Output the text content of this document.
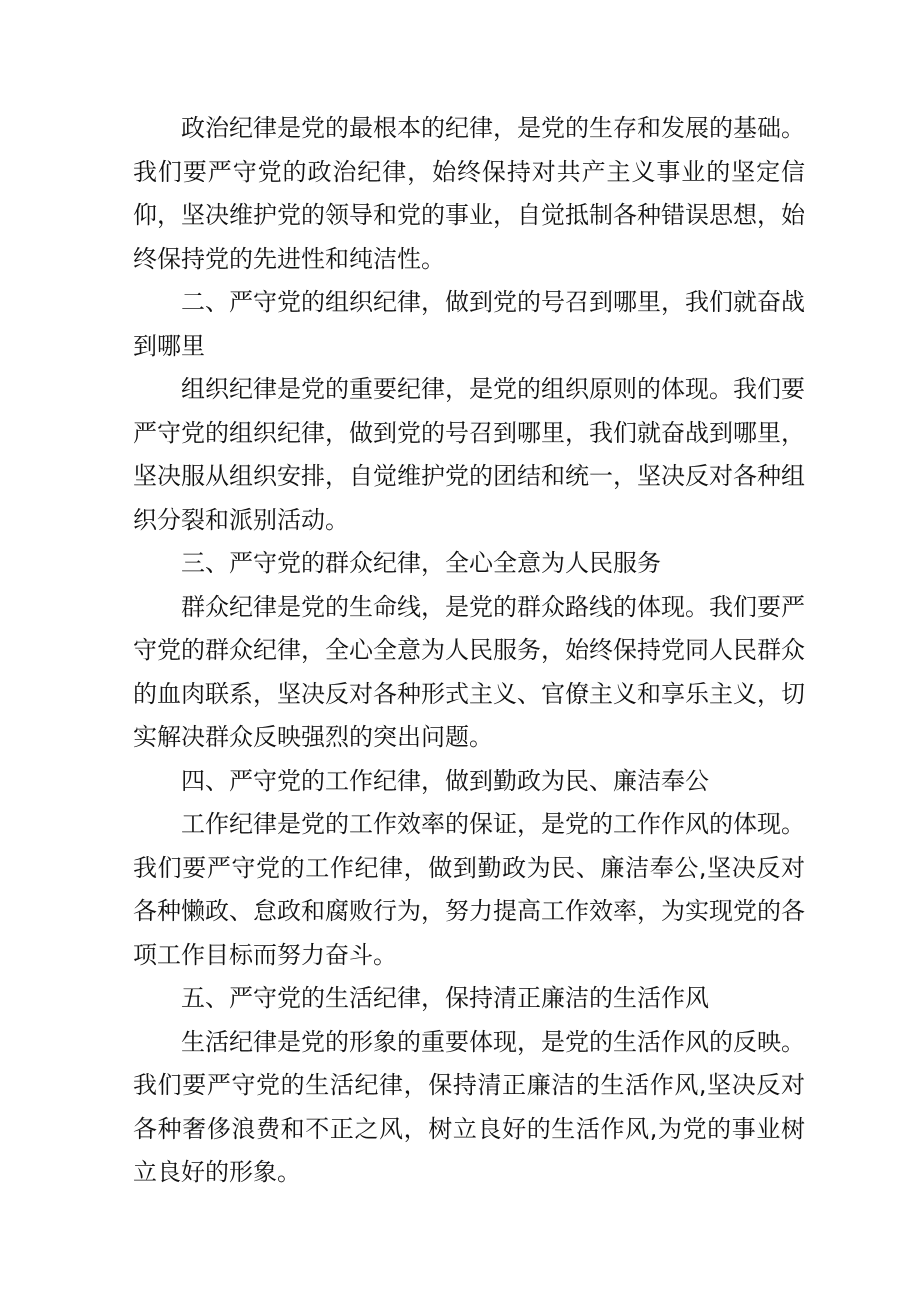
政治纪律是党的最根本的纪律，是党的生存和发展的基础。我们要严守党的政治纪律，始终保持对共产主义事业的坚定信仰，坚决维护党的领导和党的事业，自觉抵制各种错误思想，始终保持党的先进性和纯洁性。

二、严守党的组织纪律，做到党的号召到哪里，我们就奋战到哪里

组织纪律是党的重要纪律，是党的组织原则的体现。我们要严守党的组织纪律，做到党的号召到哪里，我们就奋战到哪里，坚决服从组织安排，自觉维护党的团结和统一，坚决反对各种组织分裂和派别活动。

三、严守党的群众纪律，全心全意为人民服务

群众纪律是党的生命线，是党的群众路线的体现。我们要严守党的群众纪律，全心全意为人民服务，始终保持党同人民群众的血肉联系，坚决反对各种形式主义、官僚主义和享乐主义，切实解决群众反映强烈的突出问题。

四、严守党的工作纪律，做到勤政为民、廉洁奉公

工作纪律是党的工作效率的保证，是党的工作作风的体现。我们要严守党的工作纪律，做到勤政为民、廉洁奉公,坚决反对各种懒政、怠政和腐败行为，努力提高工作效率，为实现党的各项工作目标而努力奋斗。

五、严守党的生活纪律，保持清正廉洁的生活作风

生活纪律是党的形象的重要体现，是党的生活作风的反映。我们要严守党的生活纪律，保持清正廉洁的生活作风,坚决反对各种奢侈浪费和不正之风，树立良好的生活作风,为党的事业树立良好的形象。
